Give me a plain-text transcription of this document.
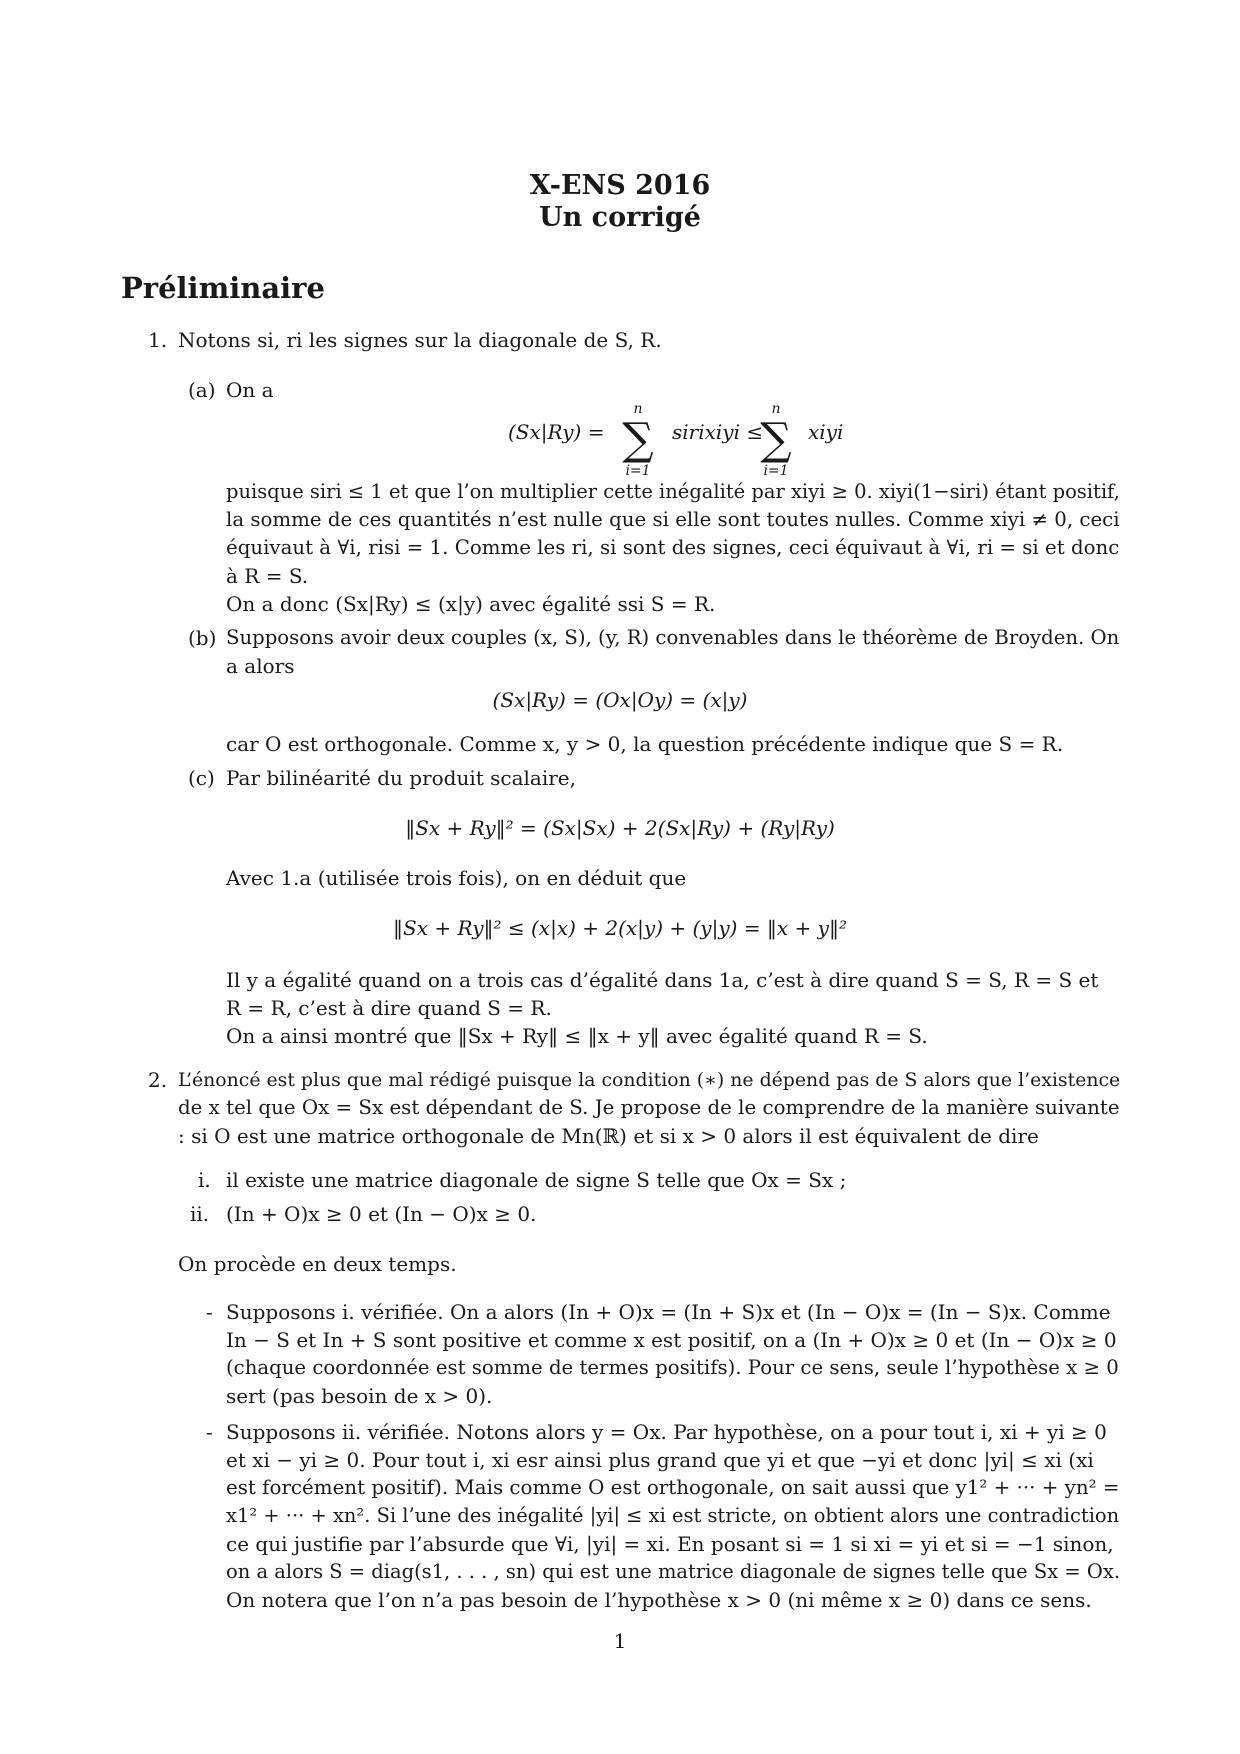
X-ENS 2016
Un corrigé
Préliminaire
1. Notons si, ri les signes sur la diagonale de S, R.
(a) On a
(Sx|Ry) =
n
∑
i=1
sirixiyi ≤
n
∑
i=1
xiyi
puisque siri ≤ 1 et que l’on multiplier cette inégalité par xiyi ≥ 0. xiyi(1−siri) étant positif,
la somme de ces quantités n’est nulle que si elle sont toutes nulles. Comme xiyi ≠ 0, ceci
équivaut à ∀i, risi = 1. Comme les ri, si sont des signes, ceci équivaut à ∀i, ri = si et donc
à R = S.
On a donc (Sx|Ry) ≤ (x|y) avec égalité ssi S = R.
(b) Supposons avoir deux couples (x, S), (y, R) convenables dans le théorème de Broyden. On
a alors
(Sx|Ry) = (Ox|Oy) = (x|y)
car O est orthogonale. Comme x, y > 0, la question précédente indique que S = R.
(c) Par bilinéarité du produit scalaire,
‖Sx + Ry‖² = (Sx|Sx) + 2(Sx|Ry) + (Ry|Ry)
Avec 1.a (utilisée trois fois), on en déduit que
‖Sx + Ry‖² ≤ (x|x) + 2(x|y) + (y|y) = ‖x + y‖²
Il y a égalité quand on a trois cas d’égalité dans 1a, c’est à dire quand S = S, R = S et
R = R, c’est à dire quand S = R.
On a ainsi montré que ‖Sx + Ry‖ ≤ ‖x + y‖ avec égalité quand R = S.
2. L’énoncé est plus que mal rédigé puisque la condition (∗) ne dépend pas de S alors que l’existence
de x tel que Ox = Sx est dépendant de S. Je propose de le comprendre de la manière suivante
: si O est une matrice orthogonale de Mn(ℝ) et si x > 0 alors il est équivalent de dire
i. il existe une matrice diagonale de signe S telle que Ox = Sx ;
ii. (In + O)x ≥ 0 et (In − O)x ≥ 0.
On procède en deux temps.
- Supposons i. vérifiée. On a alors (In + O)x = (In + S)x et (In − O)x = (In − S)x. Comme
In − S et In + S sont positive et comme x est positif, on a (In + O)x ≥ 0 et (In − O)x ≥ 0
(chaque coordonnée est somme de termes positifs). Pour ce sens, seule l’hypothèse x ≥ 0
sert (pas besoin de x > 0).
- Supposons ii. vérifiée. Notons alors y = Ox. Par hypothèse, on a pour tout i, xi + yi ≥ 0
et xi − yi ≥ 0. Pour tout i, xi esr ainsi plus grand que yi et que −yi et donc |yi| ≤ xi (xi
est forcément positif). Mais comme O est orthogonale, on sait aussi que y1² + ··· + yn² =
x1² + ··· + xn². Si l’une des inégalité |yi| ≤ xi est stricte, on obtient alors une contradiction
ce qui justifie par l’absurde que ∀i, |yi| = xi. En posant si = 1 si xi = yi et si = −1 sinon,
on a alors S = diag(s1, . . . , sn) qui est une matrice diagonale de signes telle que Sx = Ox.
On notera que l’on n’a pas besoin de l’hypothèse x > 0 (ni même x ≥ 0) dans ce sens.
1
